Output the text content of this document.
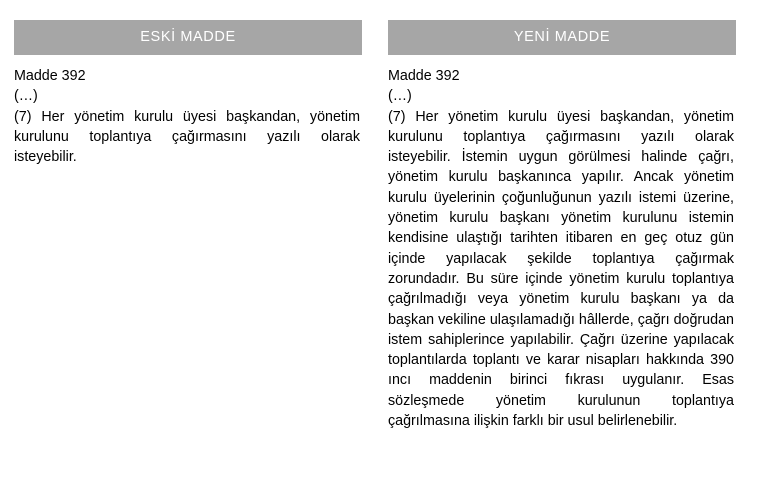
ESKİ MADDE

Madde 392

(…)

(7) Her yönetim kurulu üyesi başkandan, yönetim kurulunu toplantıya çağırmasını yazılı olarak isteyebilir.

YENİ MADDE

Madde 392

(…)

(7) Her yönetim kurulu üyesi başkandan, yönetim kurulunu toplantıya çağırmasını yazılı olarak isteyebilir. İstemin uygun görülmesi halinde çağrı, yönetim kurulu başkanınca yapılır. Ancak yönetim kurulu üyelerinin çoğunluğunun yazılı istemi üzerine, yönetim kurulu başkanı yönetim kurulunu istemin kendisine ulaştığı tarihten itibaren en geç otuz gün içinde yapılacak şekilde toplantıya çağırmak zorundadır. Bu süre içinde yönetim kurulu toplantıya çağrılmadığı veya yönetim kurulu başkanı ya da başkan vekiline ulaşılamadığı hâllerde, çağrı doğrudan istem sahiplerince yapılabilir. Çağrı üzerine yapılacak toplantılarda toplantı ve karar nisapları hakkında 390 ıncı maddenin birinci fıkrası uygulanır. Esas sözleşmede yönetim kurulunun toplantıya çağrılmasına ilişkin farklı bir usul belirlenebilir.
